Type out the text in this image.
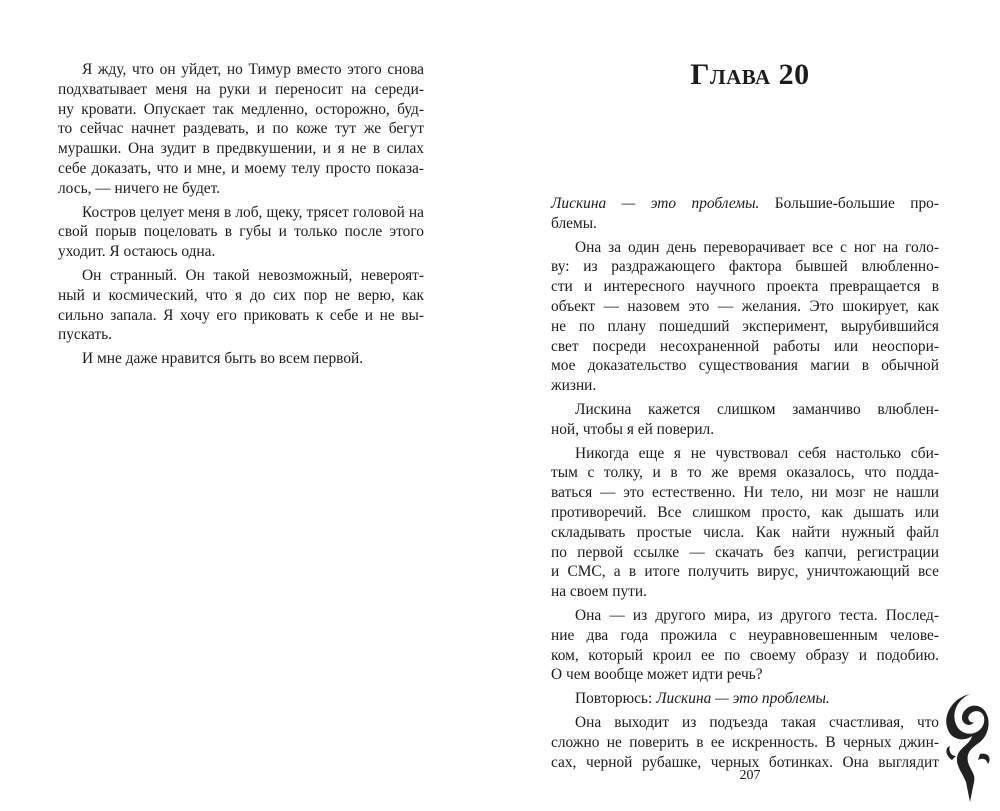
Я жду, что он уйдет, но Тимур вместо этого снова
подхватывает меня на руки и переносит на середи-
ну кровати. Опускает так медленно, осторожно, буд-
то сейчас начнет раздевать, и по коже тут же бегут
мурашки. Она зудит в предвкушении, и я не в силах
себе доказать, что и мне, и моему телу просто показа-
лось, — ничего не будет.
Костров целует меня в лоб, щеку, трясет головой на
свой порыв поцеловать в губы и только после этого
уходит. Я остаюсь одна.
Он странный. Он такой невозможный, невероят-
ный и космический, что я до сих пор не верю, как
сильно запала. Я хочу его приковать к себе и не вы-
пускать.
И мне даже нравится быть во всем первой.
Глава 20
Лискина — это проблемы. Большие-большие про-
блемы.
Она за один день переворачивает все с ног на голо-
ву: из раздражающего фактора бывшей влюбленно-
сти и интересного научного проекта превращается в
объект — назовем это — желания. Это шокирует, как
не по плану пошедший эксперимент, вырубившийся
свет посреди несохраненной работы или неоспори-
мое доказательство существования магии в обычной
жизни.
Лискина кажется слишком заманчиво влюблен-
ной, чтобы я ей поверил.
Никогда еще я не чувствовал себя настолько сби-
тым с толку, и в то же время оказалось, что подда-
ваться — это естественно. Ни тело, ни мозг не нашли
противоречий. Все слишком просто, как дышать или
складывать простые числа. Как найти нужный файл
по первой ссылке — скачать без капчи, регистрации
и СМС, а в итоге получить вирус, уничтожающий все
на своем пути.
Она — из другого мира, из другого теста. Послед-
ние два года прожила с неуравновешенным челове-
ком, который кроил ее по своему образу и подобию.
О чем вообще может идти речь?
Повторюсь: Лискина — это проблемы.
Она выходит из подъезда такая счастливая, что
сложно не поверить в ее искренность. В черных джин-
сах, черной рубашке, черных ботинках. Она выглядит
207
